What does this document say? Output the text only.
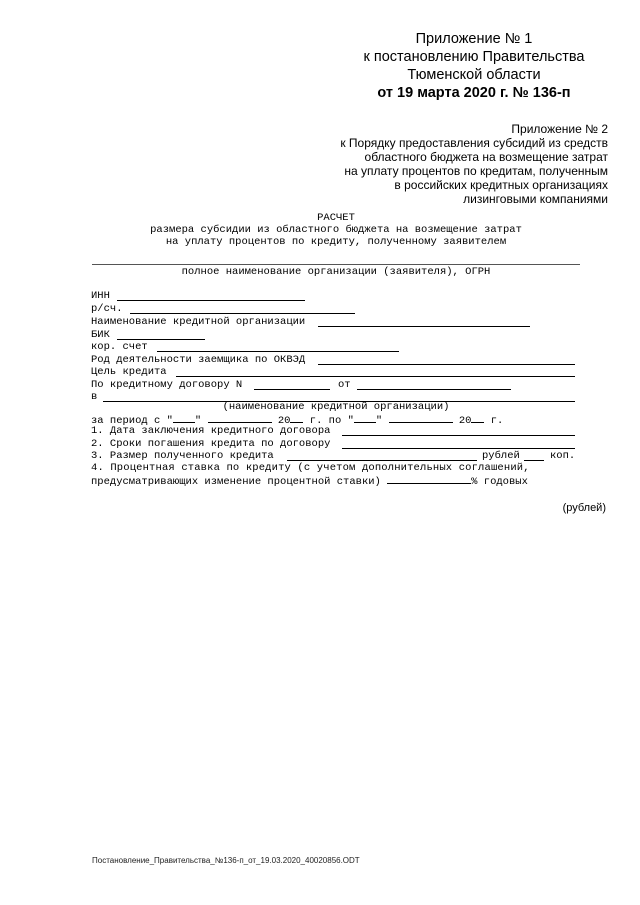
Приложение № 1
к постановлению Правительства
Тюменской области
от 19 марта 2020 г. № 136-п
Приложение № 2
к Порядку предоставления субсидий из средств
областного бюджета на возмещение затрат
на уплату процентов по кредитам, полученным
в российских кредитных организациях
лизинговыми компаниями
РАСЧЕТ
размера субсидии из областного бюджета на возмещение затрат
на уплату процентов по кредиту, полученному заявителем
полное наименование организации (заявителя), ОГРН
ИНН
р/сч.
Наименование кредитной организации
БИК
кор. счет
Род деятельности заемщика по ОКВЭД
Цель кредита
По кредитному договору N	от
в
(наименование кредитной организации)
за период с " "	20 г. по " "	20 г.
1. Дата заключения кредитного договора
2. Сроки погашения кредита по договору
3. Размер полученного кредита	рублей	коп.
4. Процентная ставка по кредиту (с учетом дополнительных соглашений,
предусматривающих изменение процентной ставки)	% годовых
(рублей)
Постановление_Правительства_№136-п_от_19.03.2020_40020856.ODT
